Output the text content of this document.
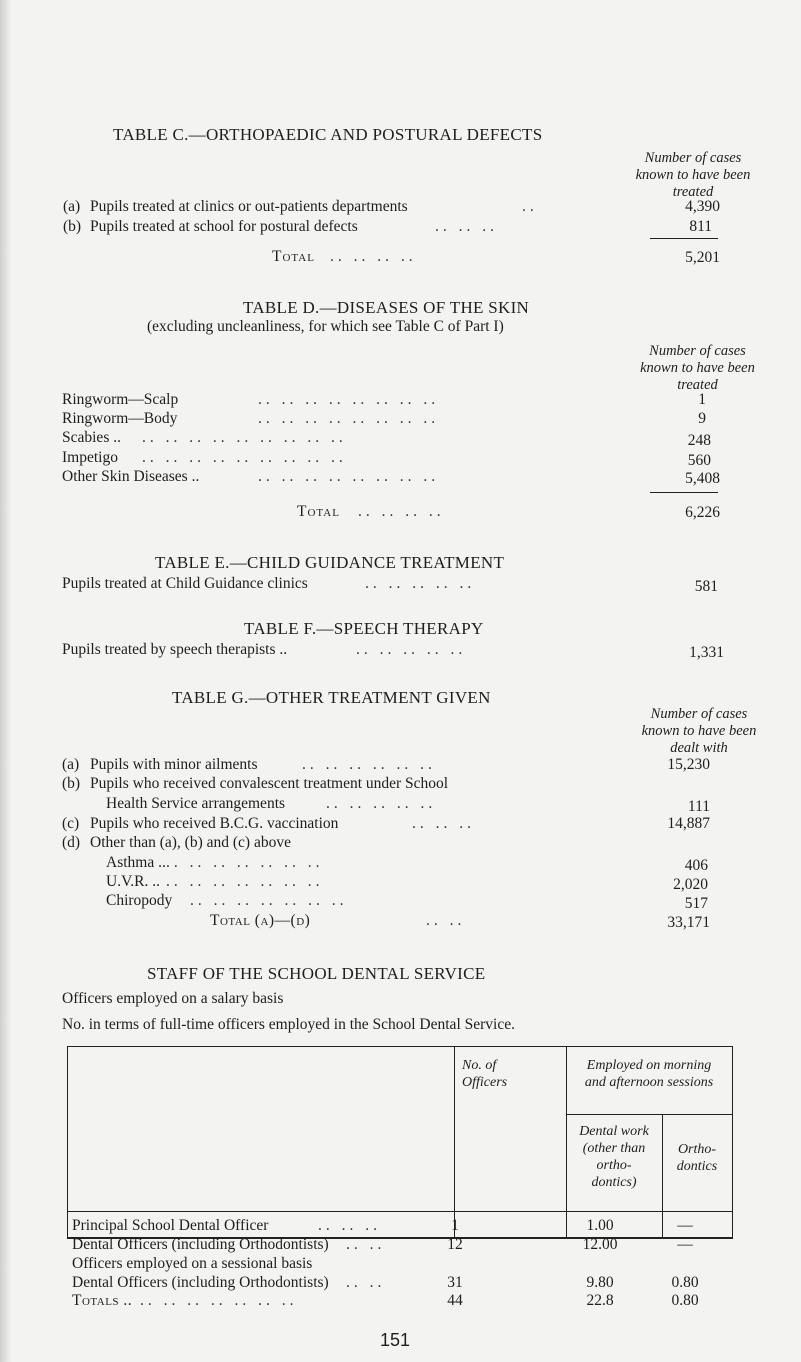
TABLE C.—ORTHOPAEDIC AND POSTURAL DEFECTS
Number of cases
known to have been
treated
(a) Pupils treated at clinics or out-patients departments	..	4,390
(b) Pupils treated at school for postural defects	.. .. ..	811
Total .. .. .. ..	5,201
TABLE D.—DISEASES OF THE SKIN
(excluding uncleanliness, for which see Table C of Part I)
Number of cases
known to have been
treated
Ringworm—Scalp	.. .. .. .. .. .. .. ..	1
Ringworm—Body	.. .. .. .. .. .. .. ..	9
Scabies .. .. .. .. .. .. .. .. .. ..	248
Impetigo .. .. .. .. .. .. .. .. ..	560
Other Skin Diseases ..	.. .. .. .. .. .. .. ..	5,408
Total .. .. .. ..	6,226
TABLE E.—CHILD GUIDANCE TREATMENT
Pupils treated at Child Guidance clinics	.. .. .. .. ..	581
TABLE F.—SPEECH THERAPY
Pupils treated by speech therapists ..	.. .. .. .. ..	1,331
TABLE G.—OTHER TREATMENT GIVEN
Number of cases
known to have been
dealt with
(a) Pupils with minor ailments	.. .. .. .. .. ..	15,230
(b) Pupils who received convalescent treatment under School
Health Service arrangements	.. .. .. .. ..	111
(c) Pupils who received B.C.G. vaccination	.. .. ..	14,887
(d) Other than (a), (b) and (c) above
Asthma .. .. .. .. .. .. .. ..	406
U.V.R. .. .. .. .. .. .. .. ..	2,020
Chiropody .. .. .. .. .. .. ..	517
Total (a)—(d)	.. ..	33,171
STAFF OF THE SCHOOL DENTAL SERVICE
Officers employed on a salary basis
No. in terms of full-time officers employed in the School Dental Service.
No. of
Officers
Employed on morning
and afternoon sessions
Dental work
(other than
ortho-
dontics)
Ortho-
dontics
Principal School Dental Officer	.. .. ..	1	1.00	—
Dental Officers (including Orthodontists) .. ..	12	12.00	—
Officers employed on a sessional basis
Dental Officers (including Orthodontists) .. ..	31	9.80	0.80
Totals .. .. .. .. .. .. .. ..	44	22.8	0.80
151
